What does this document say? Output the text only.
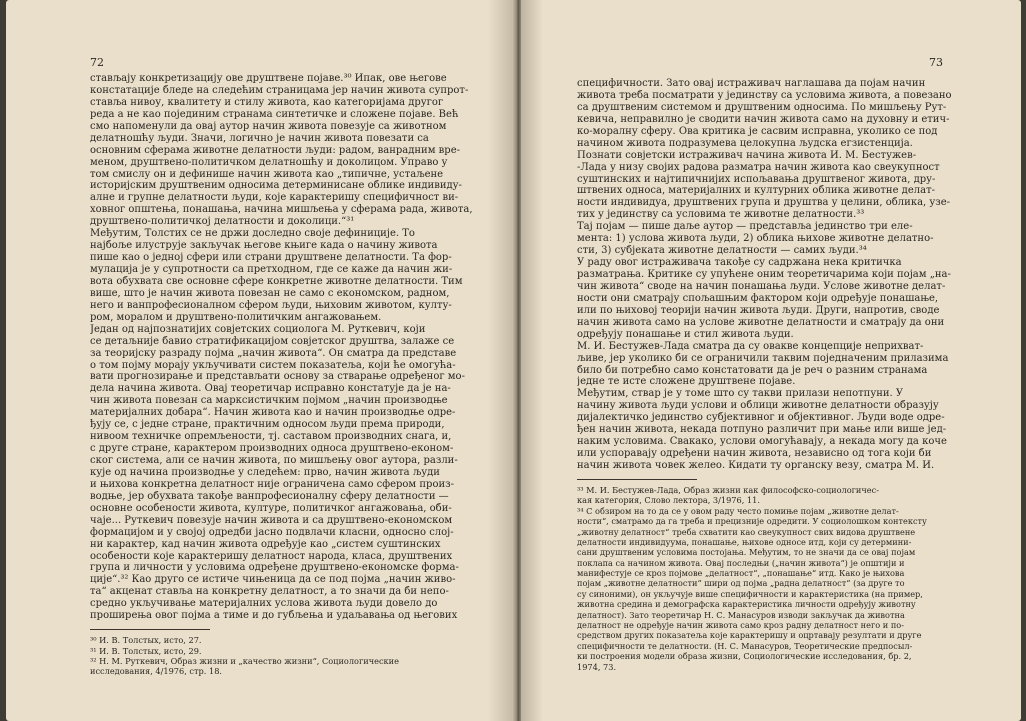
72
стављају конкретизацију ове друштвене појаве.³⁰ Ипак, ове његове
констатације бледе на следећим страницама јер начин живота супрот-
ставља нивоу, квалитету и стилу живота, као категоријама другог
реда а не као појединим странама синтетичке и сложене појаве. Већ
смо напоменули да овај аутор начин живота повезује са животном
делатношћу људи. Значи, логично је начин живота повезати са
основним сферама животне делатности људи: радом, ванрадним вре-
меном, друштвено-политичком делатношћу и доколицом. Управо у
том смислу он и дефинише начин живота као „типичне, устаљене
историјским друштвеним односима детерминисане облике индивиду-
алне и групне делатности људи, које карактеришу специфичност ви-
ховног општења, понашања, начина мишљења у сферама рада, живота,
друштвено-политичкој делатности и доколици.“³¹
Међутим, Толстих се не држи доследно своје дефиниције. То
најбоље илуструје закључак његове књиге када о начину живота
пише као о једној сфери или страни друштвене делатности. Та фор-
мулација је у супротности са претходном, где се каже да начин жи-
вота обухвата све основне сфере конкретне животне делатности. Тим
више, што је начин живота повезан не само с економском, радном,
него и ванпрофесионалном сфером људи, њиховим животом, култу-
ром, моралом и друштвено-политичким ангажовањем.
Један од најпознатијих совјетских социолога М. Руткевич, који
се детаљније бавио стратификацијом совјетског друштва, залаже се
за теоријску разраду појма „начин живота“. Он сматра да представе
о том појму морају укључивати систем показатеља, који ће омогућа-
вати прогнозирање и представљати основу за стварање одређеног мо-
дела начина живота. Овај теоретичар исправно констатује да је на-
чин живота повезан са марксистичким појмом „начин производње
материјалних добара“. Начин живота као и начин производње одре-
ђују се, с једне стране, практичним односом људи према природи,
нивоом техничке опремљености, тј. саставом производних снага, и,
с друге стране, карактером производних односа друштвено-економ-
ског система, али се начин живота, по мишљењу овог аутора, разли-
кује од начина производње у следећем: прво, начин живота људи
и њихова конкретна делатност није ограничена само сфером произ-
водње, јер обухвата такође ванпрофесионалну сферу делатности —
основне особености живота, културе, политичког ангажовања, оби-
чаје... Руткевич повезује начин живота и са друштвено-економском
формацијом и у својој одредби јасно подвлачи класни, односно слој-
ни карактер, кад начин живота одређује као „систем суштинских
особености које карактеришу делатност народа, класа, друштвених
група и личности у условима одређене друштвено-економске форма-
ције“.³² Као друго се истиче чињеница да се под појма „начин живо-
та“ акценат ставља на конкретну делатност, а то значи да би непо-
средно укључивање материјалних услова живота људи довело до
проширења овог појма а тиме и до губљења и удаљавања од његових
³⁰ И. В. Толстых, исто, 27.
³¹ И. В. Толстых, исто, 29.
³² Н. М. Руткевич, Образ жизни и „качество жизни“, Социологические
исследования, 4/1976, стр. 18.
73
специфичности. Зато овај истраживач наглашава да појам начин
живота треба посматрати у јединству са условима живота, а повезано
са друштвеним системом и друштвеним односима. По мишљењу Рут-
кевича, неправилно је сводити начин живота само на духовну и етич-
ко-моралну сферу. Ова критика је сасвим исправна, уколико се под
начином живота подразумева целокупна људска егзистенција.
Познати совјетски истраживач начина живота И. М. Бестужев-
-Лада у низу својих радова разматра начин живота као свеукупност
суштинских и најтипичнијих испољавања друштвеног живота, дру-
штвених односа, материјалних и културних облика животне делат-
ности индивидуа, друштвених група и друштва у целини, облика, узе-
тих у јединству са условима те животне делатности.³³
Тај појам — пише даље аутор — представља јединство три еле-
мента: 1) услова живота људи, 2) облика њихове животне делатно-
сти, 3) субјеката животне делатности — самих људи.³⁴
У раду овог истраживача такође су садржана нека критичка
разматрања. Критике су упућене оним теоретичарима који појам „на-
чин живота“ своде на начин понашања људи. Услове животне делат-
ности они сматрају спољашњим фактором који одређује понашање,
или по њиховој теорији начин живота људи. Други, напротив, своде
начин живота само на услове животне делатности и сматрају да они
одређују понашање и стил живота људи.
М. И. Бестужев-Лада сматра да су овакве концепције неприхват-
љиве, јер уколико би се ограничили таквим поједначеним прилазима
било би потребно само констатовати да је реч о разним странама
једне те исте сложене друштвене појаве.
Међутим, ствар је у томе што су такви прилази непотпуни. У
начину живота људи услови и облици животне делатности образују
дијалектичко јединство субјективног и објективног. Људи воде одре-
ђен начин живота, некада потпуно различит при мање или више јед-
наким условима. Свакако, услови омогућавају, а некада могу да коче
или успоравају одређени начин живота, независно од тога који би
начин живота човек желео. Кидати ту органску везу, сматра М. И.
³³ М. И. Бестужев-Лада, Образ жизни как философско-социологичес-
кая категория, Слово лектора, 3/1976, 11.
³⁴ С обзиром на то да се у овом раду често помиње појам „животне делат-
ности“, сматрамо да га треба и прецизније одредити. У социолошком контексту
„животну делатност“ треба схватити као свеукупност свих видова друштвене
делатности индивидуума, понашање, њихове односе итд, који су детермини-
сани друштвеним условима постојања. Међутим, то не значи да се овај појам
поклапа са начином живота. Овај последњи („начин живота“) је општији и
манифестује се кроз појмове „делатност“, „понашање“ итд. Како је њихова
појам „животне делатности“ шири од појма „радна делатност“ (за друге то
су синоними), он укључује више специфичности и карактеристика (на пример,
животна средина и демографска карактеристика личности одређују животну
делатност). Зато теоретичар Н. С. Манасуров изводи закључак да животна
делатност не одређује начин живота само кроз радну делатност него и по-
средством других показатеља које карактеришу и оцртавају резултати и друге
специфичности те делатности. (Н. С. Манасуров, Теоретические предпосыл-
ки построения модели образа жизни, Социологические исследования, бр. 2,
1974, 73.
